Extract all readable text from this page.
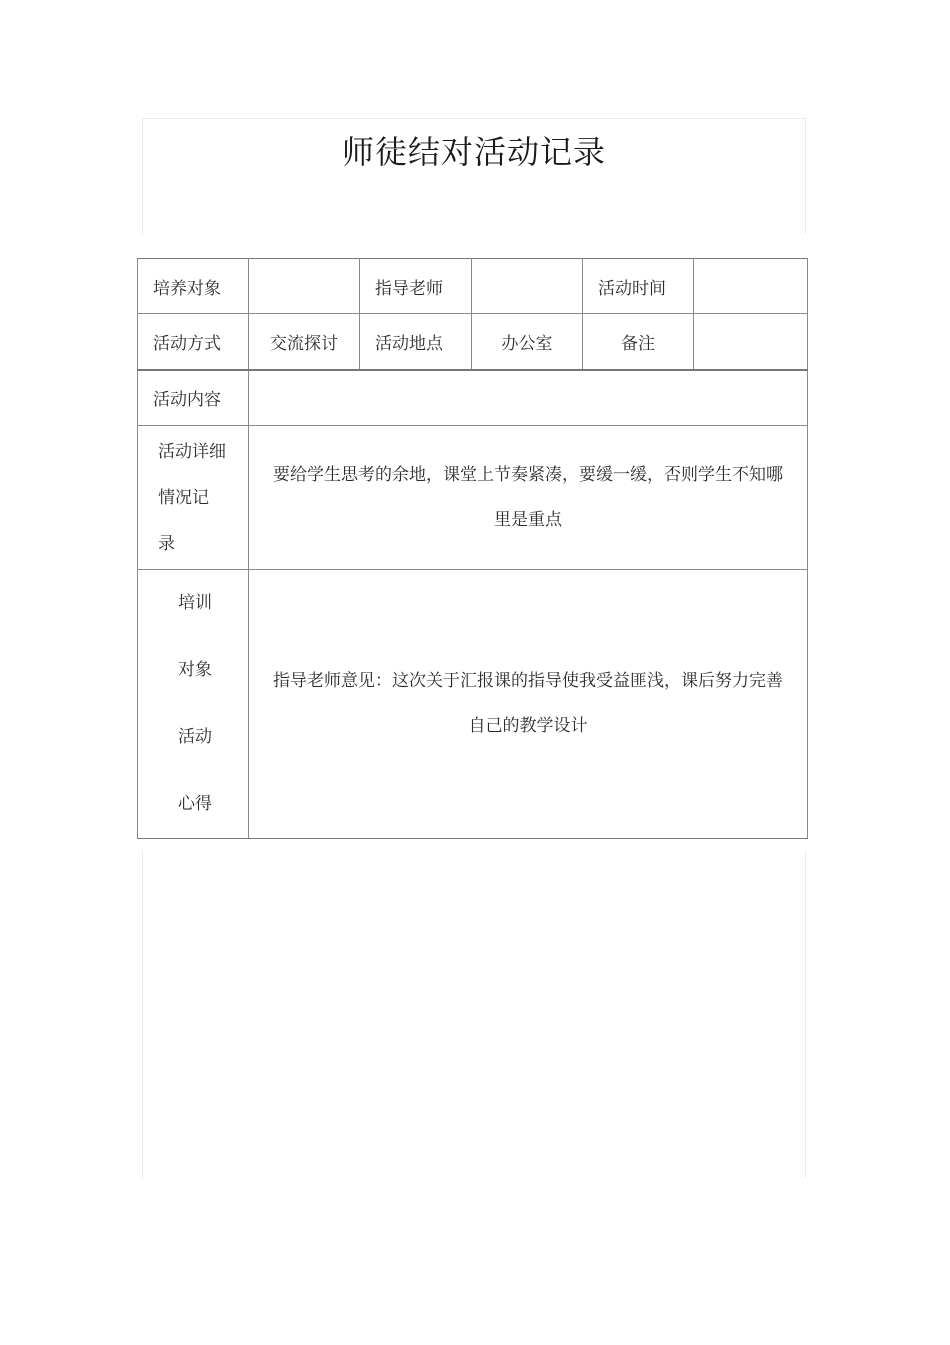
师徒结对活动记录
培养对象		指导老师		活动时间	
活动方式	交流探讨	活动地点	办公室	备注	
活动内容					

活动详细
情况记
录	要给学生思考的余地，课堂上节奏紧凑，要缓一缓，否则学生不知哪里是重点				

培训
对象
活动
心得	指导老师意见：这次关于汇报课的指导使我受益匪浅，课后努力完善自己的教学设计				
